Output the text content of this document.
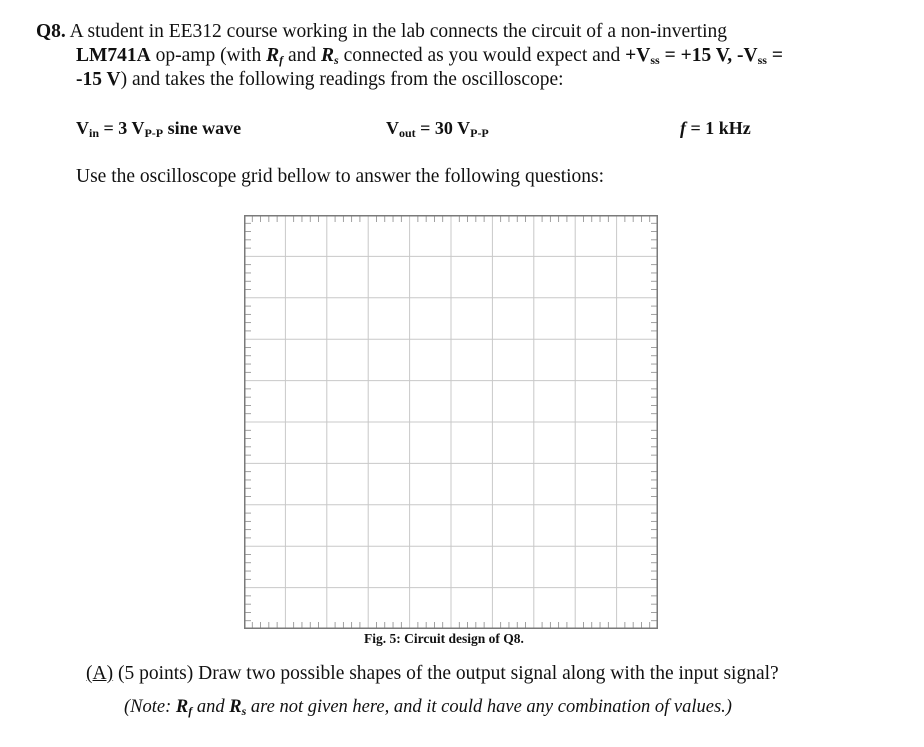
Q8. A student in EE312 course working in the lab connects the circuit of a non-inverting
LM741A op-amp (with $R_f$ and $R_s$ connected as you would expect and $+V_{ss} = +15$ V, $-V_{ss}$ =
-15 V) and takes the following readings from the oscilloscope:
$V_{in} = 3$ $V_{P-P}$ sine wave	$V_{out} = 30$ $V_{P-P}$	f = 1 kHz
Use the oscilloscope grid bellow to answer the following questions:
Fig. 5: Circuit design of Q8.
(A) (5 points) Draw two possible shapes of the output signal along with the input signal?
(Note: $R_f$ and $R_s$ are not given here, and it could have any combination of values.)
